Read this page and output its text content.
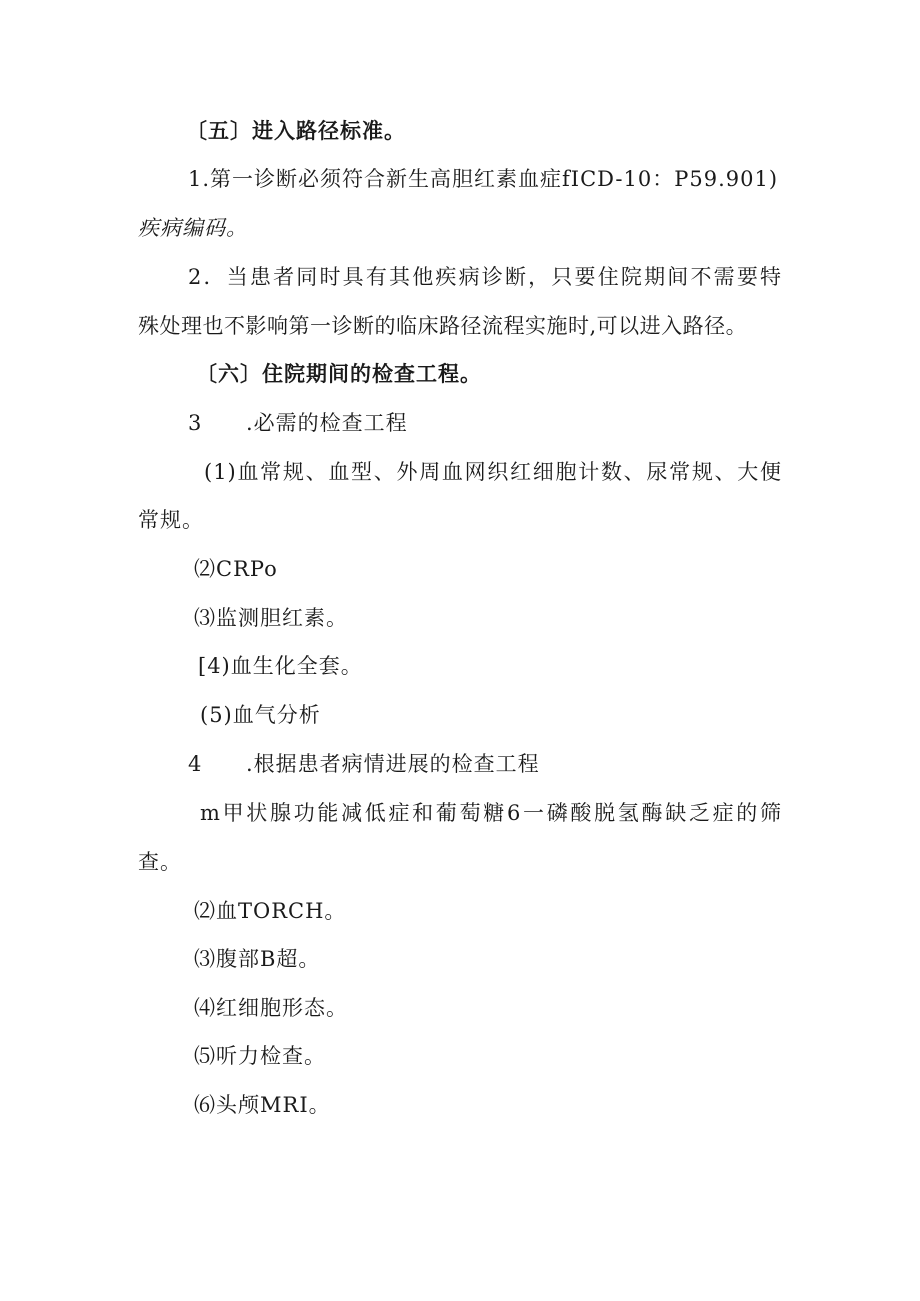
〔五〕进入路径标准。
1.第一诊断必须符合新生高胆红素血症fICD-10：P59.901)
疾病编码。
2．当患者同时具有其他疾病诊断，只要住院期间不需要特
殊处理也不影响第一诊断的临床路径流程实施时,可以进入路径。
〔六〕住院期间的检查工程。
3 .必需的检查工程
(1)血常规、血型、外周血网织红细胞计数、尿常规、大便
常规。
⑵CRPo
⑶监测胆红素。
[4)血生化全套。
(5)血气分析
4 .根据患者病情进展的检查工程
m甲状腺功能减低症和葡萄糖6一磷酸脱氢酶缺乏症的筛
查。
⑵血TORCH。
⑶腹部B超。
⑷红细胞形态。
⑸听力检查。
⑹头颅MRI。
